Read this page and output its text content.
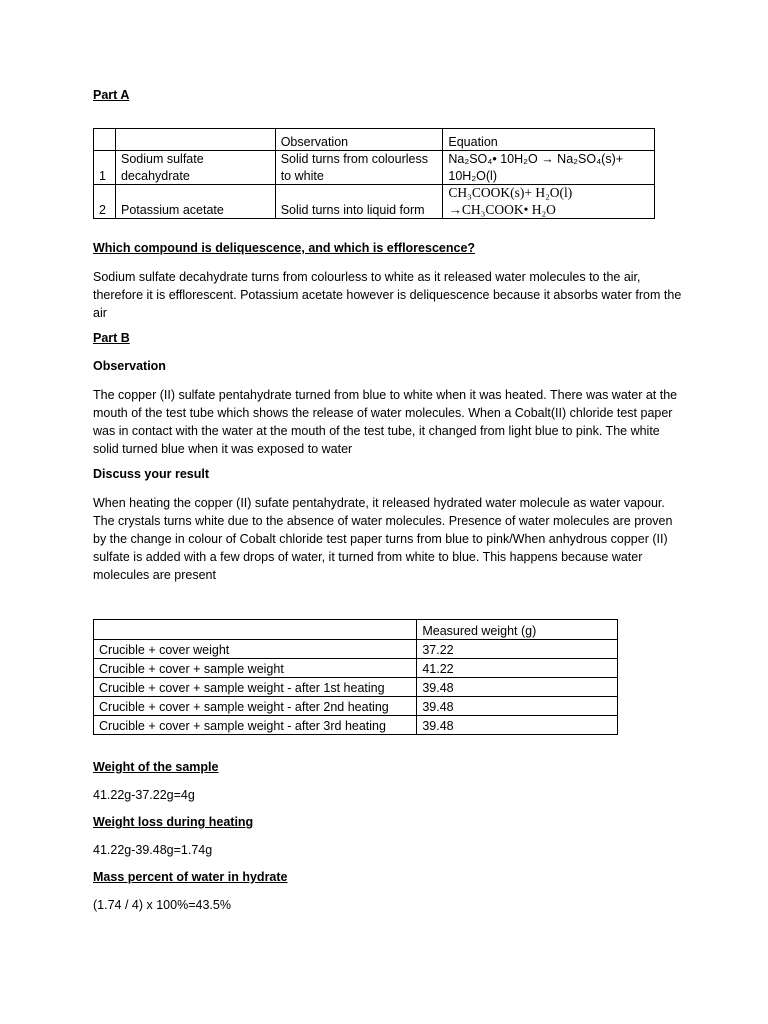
Part A
		Observation	Equation
1	Sodium sulfate decahydrate	Solid turns from colourless to white	Na₂SO₄• 10H₂O → Na₂SO₄(s)+ 10H₂O(l)
2	Potassium acetate	Solid turns into liquid form	CH₃COOK(s)+ H₂O(l)
→CH₃COOK• H₂O
Which compound is deliquescence, and which is efflorescence?
Sodium sulfate decahydrate turns from colourless to white as it released water molecules to the air, therefore it is efflorescent. Potassium acetate however is deliquescence because it absorbs water from the air
Part B
Observation
The copper (II) sulfate pentahydrate turned from blue to white when it was heated. There was water at the mouth of the test tube which shows the release of water molecules. When a Cobalt(II) chloride test paper was in contact with the water at the mouth of the test tube, it changed from light blue to pink. The white solid turned blue when it was exposed to water
Discuss your result
When heating the copper (II) sufate pentahydrate, it released hydrated water molecule as water vapour. The crystals turns white due to the absence of water molecules. Presence of water molecules are proven by the change in colour of Cobalt chloride test paper turns from blue to pink/When anhydrous copper (II) sulfate is added with a few drops of water, it turned from white to blue. This happens because water molecules are present
	Measured weight (g)
Crucible + cover weight	37.22
Crucible + cover + sample weight	41.22
Crucible + cover + sample weight - after 1st heating	39.48
Crucible + cover + sample weight - after 2nd heating	39.48
Crucible + cover + sample weight - after 3rd heating	39.48
Weight of the sample
41.22g-37.22g=4g
Weight loss during heating
41.22g-39.48g=1.74g
Mass percent of water in hydrate
(1.74 / 4) x 100%=43.5%
